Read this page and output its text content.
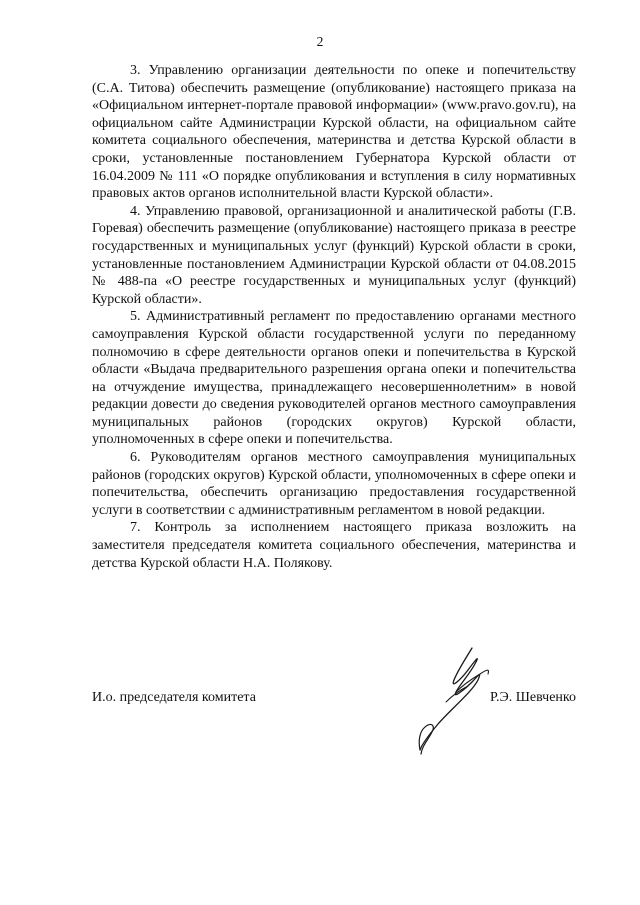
2

3. Управлению организации деятельности по опеке и попечительству (С.А. Титова) обеспечить размещение (опубликование) настоящего приказа на «Официальном интернет-портале правовой информации» (www.pravo.gov.ru), на официальном сайте Администрации Курской области, на официальном сайте комитета социального обеспечения, материнства и детства Курской области в сроки, установленные постановлением Губернатора Курской области от 16.04.2009 № 111 «О порядке опубликования и вступления в силу нормативных правовых актов органов исполнительной власти Курской области».

4. Управлению правовой, организационной и аналитической работы (Г.В. Горевая) обеспечить размещение (опубликование) настоящего приказа в реестре государственных и муниципальных услуг (функций) Курской области в сроки, установленные постановлением Администрации Курской области от 04.08.2015 № 488-па «О реестре государственных и муниципальных услуг (функций) Курской области».

5. Административный регламент по предоставлению органами местного самоуправления Курской области государственной услуги по переданному полномочию в сфере деятельности органов опеки и попечительства в Курской области «Выдача предварительного разрешения органа опеки и попечительства на отчуждение имущества, принадлежащего несовершеннолетним» в новой редакции довести до сведения руководителей органов местного самоуправления муниципальных районов (городских округов) Курской области, уполномоченных в сфере опеки и попечительства.

6. Руководителям органов местного самоуправления муниципальных районов (городских округов) Курской области, уполномоченных в сфере опеки и попечительства, обеспечить организацию предоставления государственной услуги в соответствии с административным регламентом в новой редакции.

7. Контроль за исполнением настоящего приказа возложить на заместителя председателя комитета социального обеспечения, материнства и детства Курской области Н.А. Полякову.

И.о. председателя комитета	Р.Э. Шевченко
